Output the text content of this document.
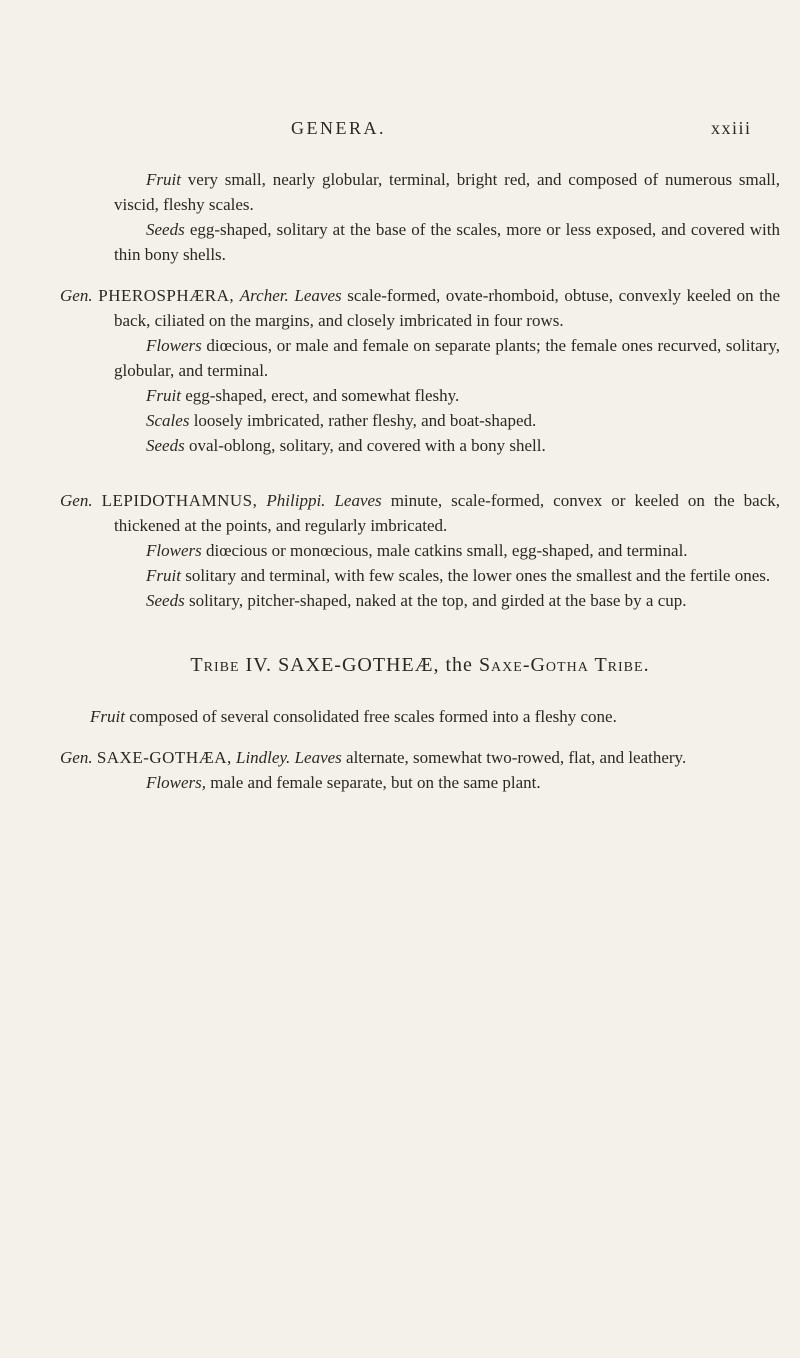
GENERA.	xxiii

Fruit very small, nearly globular, terminal, bright red, and composed of numerous small, viscid, fleshy scales.

Seeds egg-shaped, solitary at the base of the scales, more or less exposed, and covered with thin bony shells.

Gen. PHEROSPHÆRA, Archer. Leaves scale-formed, ovate-rhomboid, obtuse, convexly keeled on the back, ciliated on the margins, and closely imbricated in four rows.

Flowers diœcious, or male and female on separate plants; the female ones recurved, solitary, globular, and terminal.

Fruit egg-shaped, erect, and somewhat fleshy.

Scales loosely imbricated, rather fleshy, and boat-shaped.

Seeds oval-oblong, solitary, and covered with a bony shell.

Gen. LEPIDOTHAMNUS, Philippi. Leaves minute, scale-formed, convex or keeled on the back, thickened at the points, and regularly imbricated.

Flowers diœcious or monœcious, male catkins small, egg-shaped, and terminal.

Fruit solitary and terminal, with few scales, the lower ones the smallest and the fertile ones.

Seeds solitary, pitcher-shaped, naked at the top, and girded at the base by a cup.

Tribe IV. SAXE-GOTHEÆ, the Saxe-Gotha Tribe.

Fruit composed of several consolidated free scales formed into a fleshy cone.

Gen. SAXE-GOTHÆA, Lindley. Leaves alternate, somewhat two-rowed, flat, and leathery.

Flowers, male and female separate, but on the same plant.
